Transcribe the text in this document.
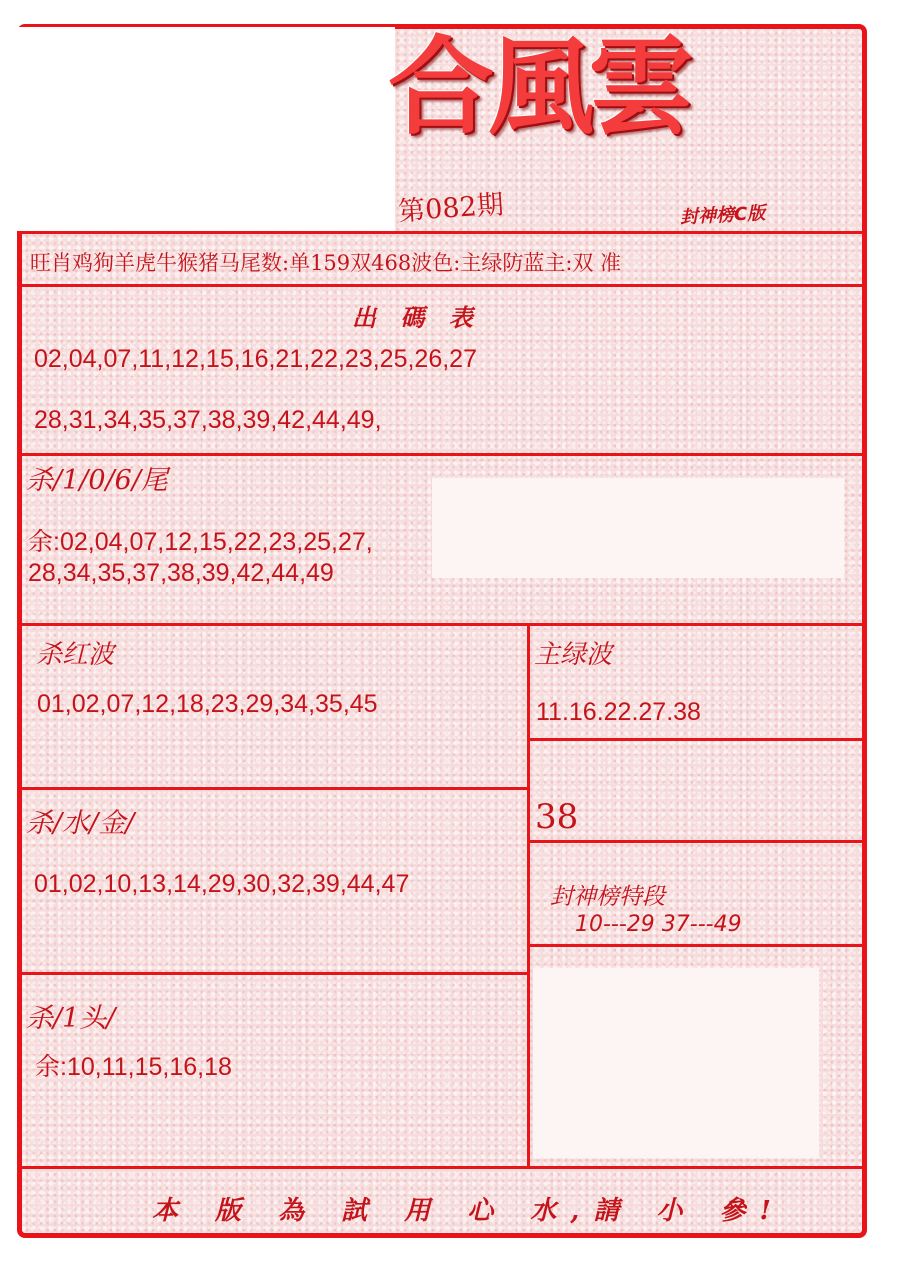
合風雲
第082期	封神榜C版
旺肖鸡狗羊虎牛猴猪马尾数:单159双468波色:主绿防蓝主:双 准
出 碼 表
02,04,07,11,12,15,16,21,22,23,25,26,27
28,31,34,35,37,38,39,42,44,49,
杀/1/0/6/尾
余:02,04,07,12,15,22,23,25,27,
28,34,35,37,38,39,42,44,49
杀红波
01,02,07,12,18,23,29,34,35,45
主绿波
11.16.22.27.38
38
杀/水/金/
01,02,10,13,14,29,30,32,39,44,47	封神榜特段
10---29 37---49
杀/1头/
余:10,11,15,16,18
本 版 為 試 用 心 水,請 小 參!
